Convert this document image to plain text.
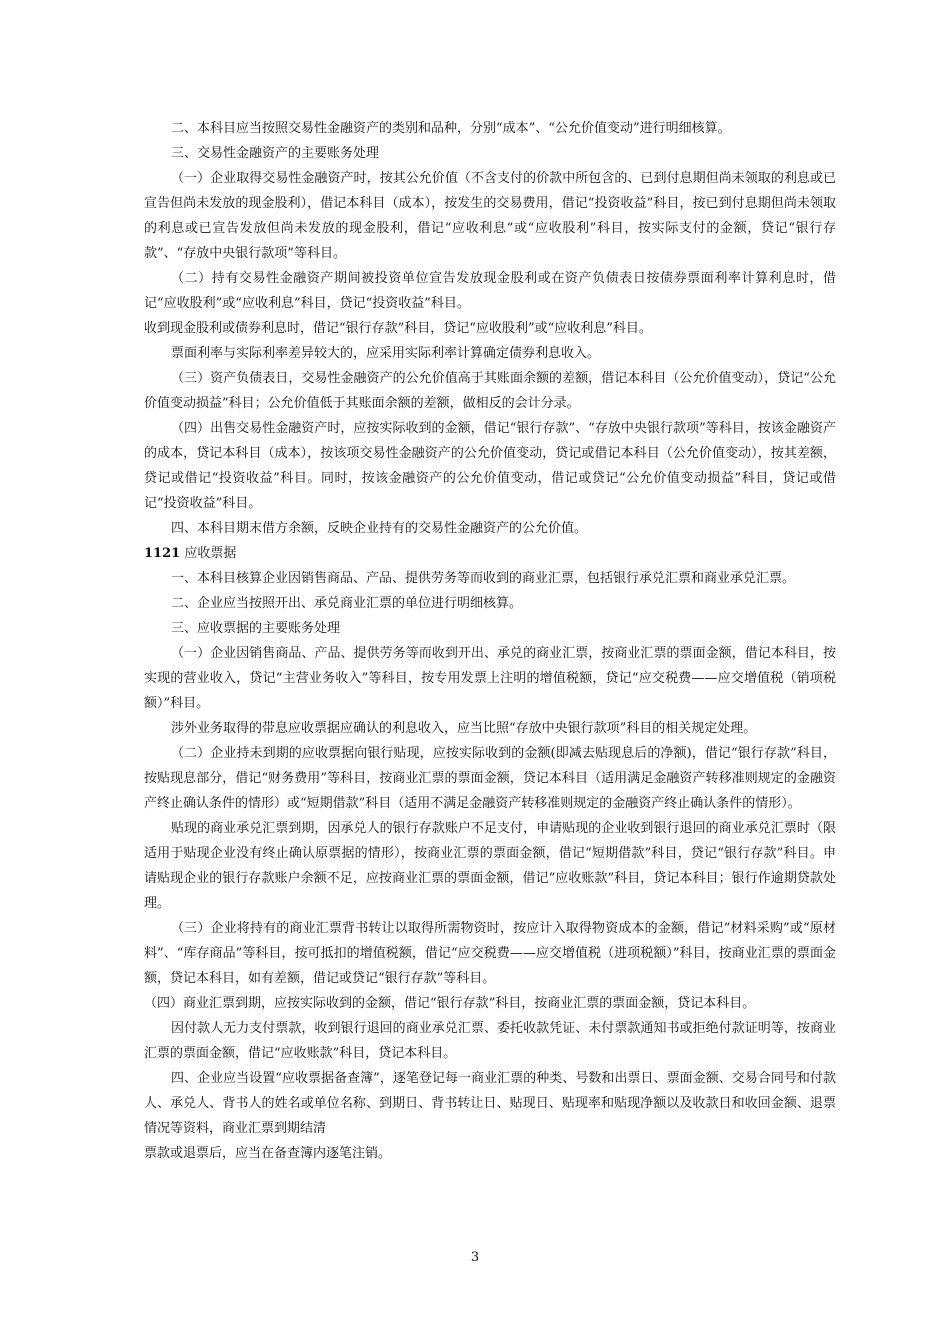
二、本科目应当按照交易性金融资产的类别和品种，分别“成本”、“公允价值变动”进行明细核算。

三、交易性金融资产的主要账务处理

（一）企业取得交易性金融资产时，按其公允价值（不含支付的价款中所包含的、已到付息期但尚未领取的利息或已宣告但尚未发放的现金股利），借记本科目（成本），按发生的交易费用，借记“投资收益”科目，按已到付息期但尚未领取的利息或已宣告发放但尚未发放的现金股利，借记“应收利息”或“应收股利”科目，按实际支付的金额，贷记“银行存款”、“存放中央银行款项”等科目。

（二）持有交易性金融资产期间被投资单位宣告发放现金股利或在资产负债表日按债券票面利率计算利息时，借记“应收股利”或“应收利息”科目，贷记“投资收益”科目。

收到现金股利或债券利息时，借记“银行存款”科目，贷记“应收股利”或“应收利息”科目。

票面利率与实际利率差异较大的，应采用实际利率计算确定债券利息收入。

（三）资产负债表日，交易性金融资产的公允价值高于其账面余额的差额，借记本科目（公允价值变动），贷记“公允价值变动损益”科目；公允价值低于其账面余额的差额，做相反的会计分录。

（四）出售交易性金融资产时，应按实际收到的金额，借记“银行存款”、“存放中央银行款项”等科目，按该金融资产的成本，贷记本科目（成本），按该项交易性金融资产的公允价值变动，贷记或借记本科目（公允价值变动），按其差额，贷记或借记“投资收益”科目。同时，按该金融资产的公允价值变动，借记或贷记“公允价值变动损益”科目，贷记或借记“投资收益”科目。

四、本科目期末借方余额，反映企业持有的交易性金融资产的公允价值。

1121 应收票据

一、本科目核算企业因销售商品、产品、提供劳务等而收到的商业汇票，包括银行承兑汇票和商业承兑汇票。

二、企业应当按照开出、承兑商业汇票的单位进行明细核算。

三、应收票据的主要账务处理

（一）企业因销售商品、产品、提供劳务等而收到开出、承兑的商业汇票，按商业汇票的票面金额，借记本科目，按实现的营业收入，贷记“主营业务收入”等科目，按专用发票上注明的增值税额，贷记“应交税费——应交增值税（销项税额）”科目。

涉外业务取得的带息应收票据应确认的利息收入，应当比照“存放中央银行款项”科目的相关规定处理。

（二）企业持未到期的应收票据向银行贴现，应按实际收到的金额(即减去贴现息后的净额)，借记“银行存款”科目，按贴现息部分，借记“财务费用”等科目，按商业汇票的票面金额，贷记本科目（适用满足金融资产转移准则规定的金融资产终止确认条件的情形）或“短期借款”科目（适用不满足金融资产转移准则规定的金融资产终止确认条件的情形）。

贴现的商业承兑汇票到期，因承兑人的银行存款账户不足支付，申请贴现的企业收到银行退回的商业承兑汇票时（限适用于贴现企业没有终止确认原票据的情形），按商业汇票的票面金额，借记“短期借款”科目，贷记“银行存款”科目。申请贴现企业的银行存款账户余额不足，应按商业汇票的票面金额，借记“应收账款”科目，贷记本科目；银行作逾期贷款处理。

（三）企业将持有的商业汇票背书转让以取得所需物资时，按应计入取得物资成本的金额，借记“材料采购”或“原材料”、“库存商品”等科目，按可抵扣的增值税额，借记“应交税费——应交增值税（进项税额）”科目，按商业汇票的票面金额，贷记本科目，如有差额，借记或贷记“银行存款”等科目。

（四）商业汇票到期，应按实际收到的金额，借记“银行存款”科目，按商业汇票的票面金额，贷记本科目。

因付款人无力支付票款，收到银行退回的商业承兑汇票、委托收款凭证、未付票款通知书或拒绝付款证明等，按商业汇票的票面金额，借记“应收账款”科目，贷记本科目。

四、企业应当设置“应收票据备查簿”，逐笔登记每一商业汇票的种类、号数和出票日、票面金额、交易合同号和付款人、承兑人、背书人的姓名或单位名称、到期日、背书转让日、贴现日、贴现率和贴现净额以及收款日和收回金额、退票情况等资料，商业汇票到期结清

票款或退票后，应当在备查簿内逐笔注销。

3
